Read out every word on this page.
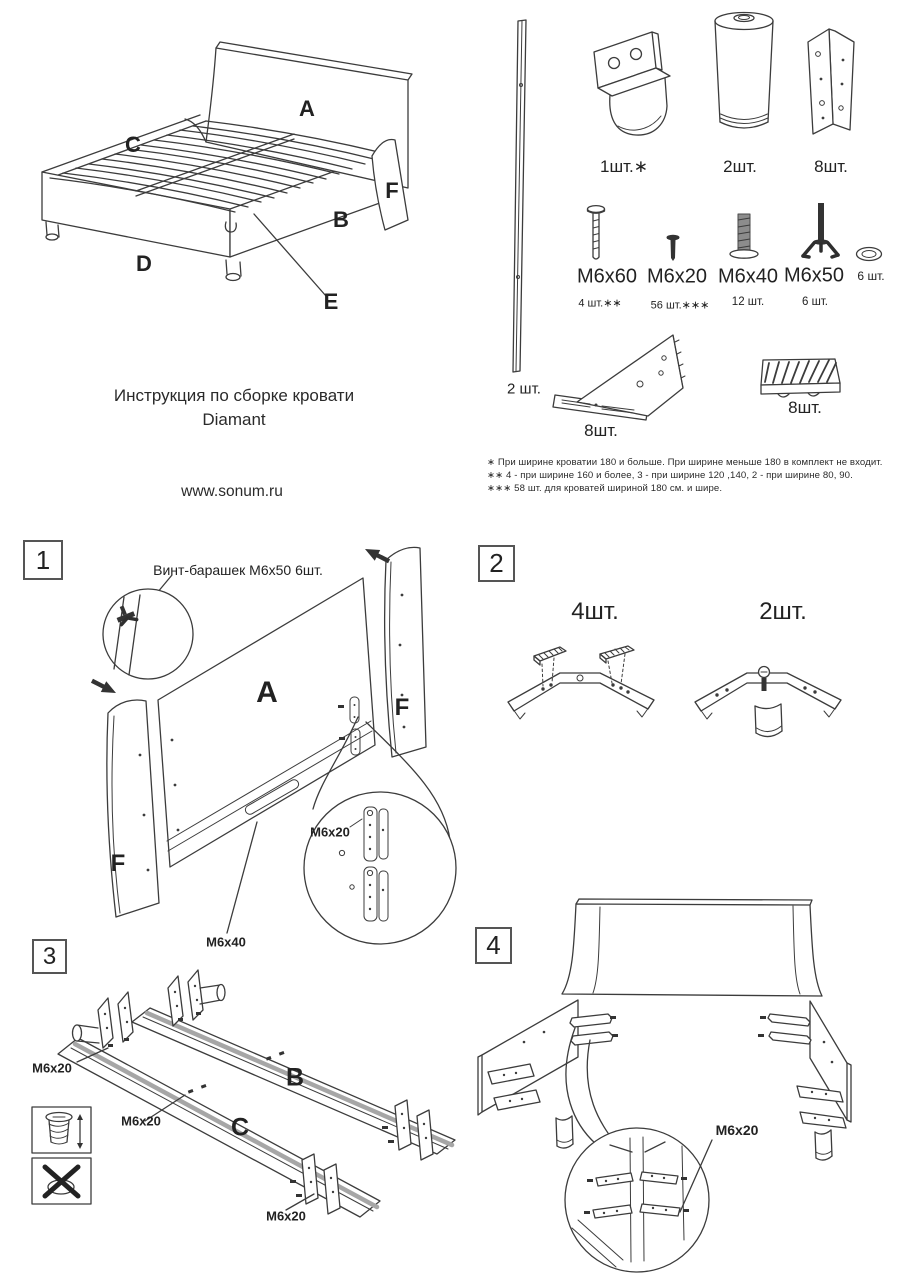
A
C
F
B
D
E
Инструкция по сборке кровати
Diamant
www.sonum.ru
2 шт.
1шт.∗	2шт.	8шт.
М6х60 М6х20 М6х40 М6х50 6 шт.
4 шт.∗∗	56 шт.∗∗∗ 12 шт.	6 шт.
8шт.
8шт.
∗ При ширине кроватии 180 и больше. При ширине меньше 180 в комплект не входит.
∗∗ 4 - при ширине 160 и более, 3 - при ширине 120 ,140, 2 - при ширине 80, 90.
∗∗∗ 58 шт. для кроватей шириной 180 см. и шире.
1	Винт-барашек М6х50 6шт.
A	F
F
M6x20
M6x40
2
4шт.	2шт.
3
B
C
M6x20
M6x20
M6x20
4
M6x20
